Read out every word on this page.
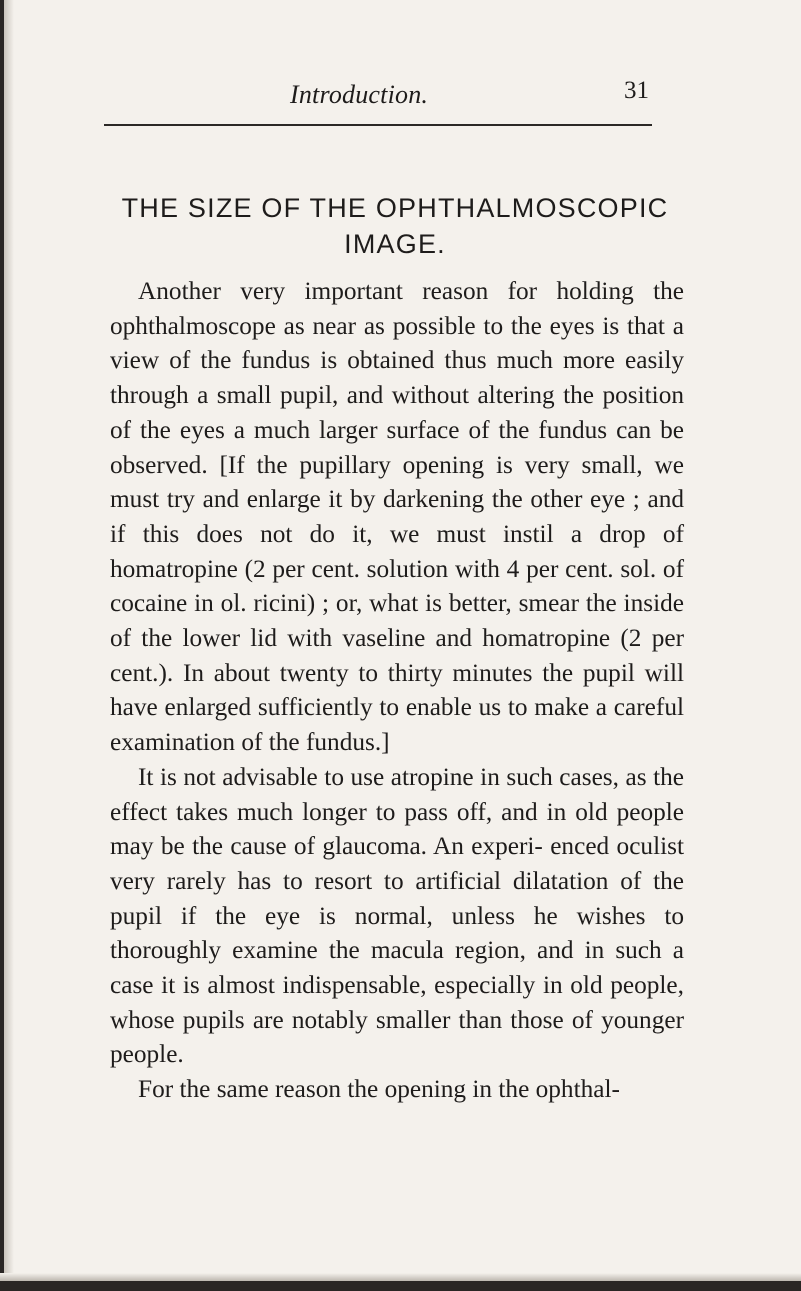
Introduction.	31
THE SIZE OF THE OPHTHALMOSCOPIC IMAGE.

Another very important reason for holding the ophthalmoscope as near as possible to the eyes is that a view of the fundus is obtained thus much more easily through a small pupil, and without altering the position of the eyes a much larger surface of the fundus can be observed. [If the pupillary opening is very small, we must try and enlarge it by darkening the other eye ; and if this does not do it, we must instil a drop of homatropine (2 per cent. solution with 4 per cent. sol. of cocaine in ol. ricini) ; or, what is better, smear the inside of the lower lid with vaseline and homatropine (2 per cent.). In about twenty to thirty minutes the pupil will have enlarged sufficiently to enable us to make a careful examination of the fundus.]

It is not advisable to use atropine in such cases, as the effect takes much longer to pass off, and in old people may be the cause of glaucoma. An experi- enced oculist very rarely has to resort to artificial dilatation of the pupil if the eye is normal, unless he wishes to thoroughly examine the macula region, and in such a case it is almost indispensable, especially in old people, whose pupils are notably smaller than those of younger people.

For the same reason the opening in the ophthal-
